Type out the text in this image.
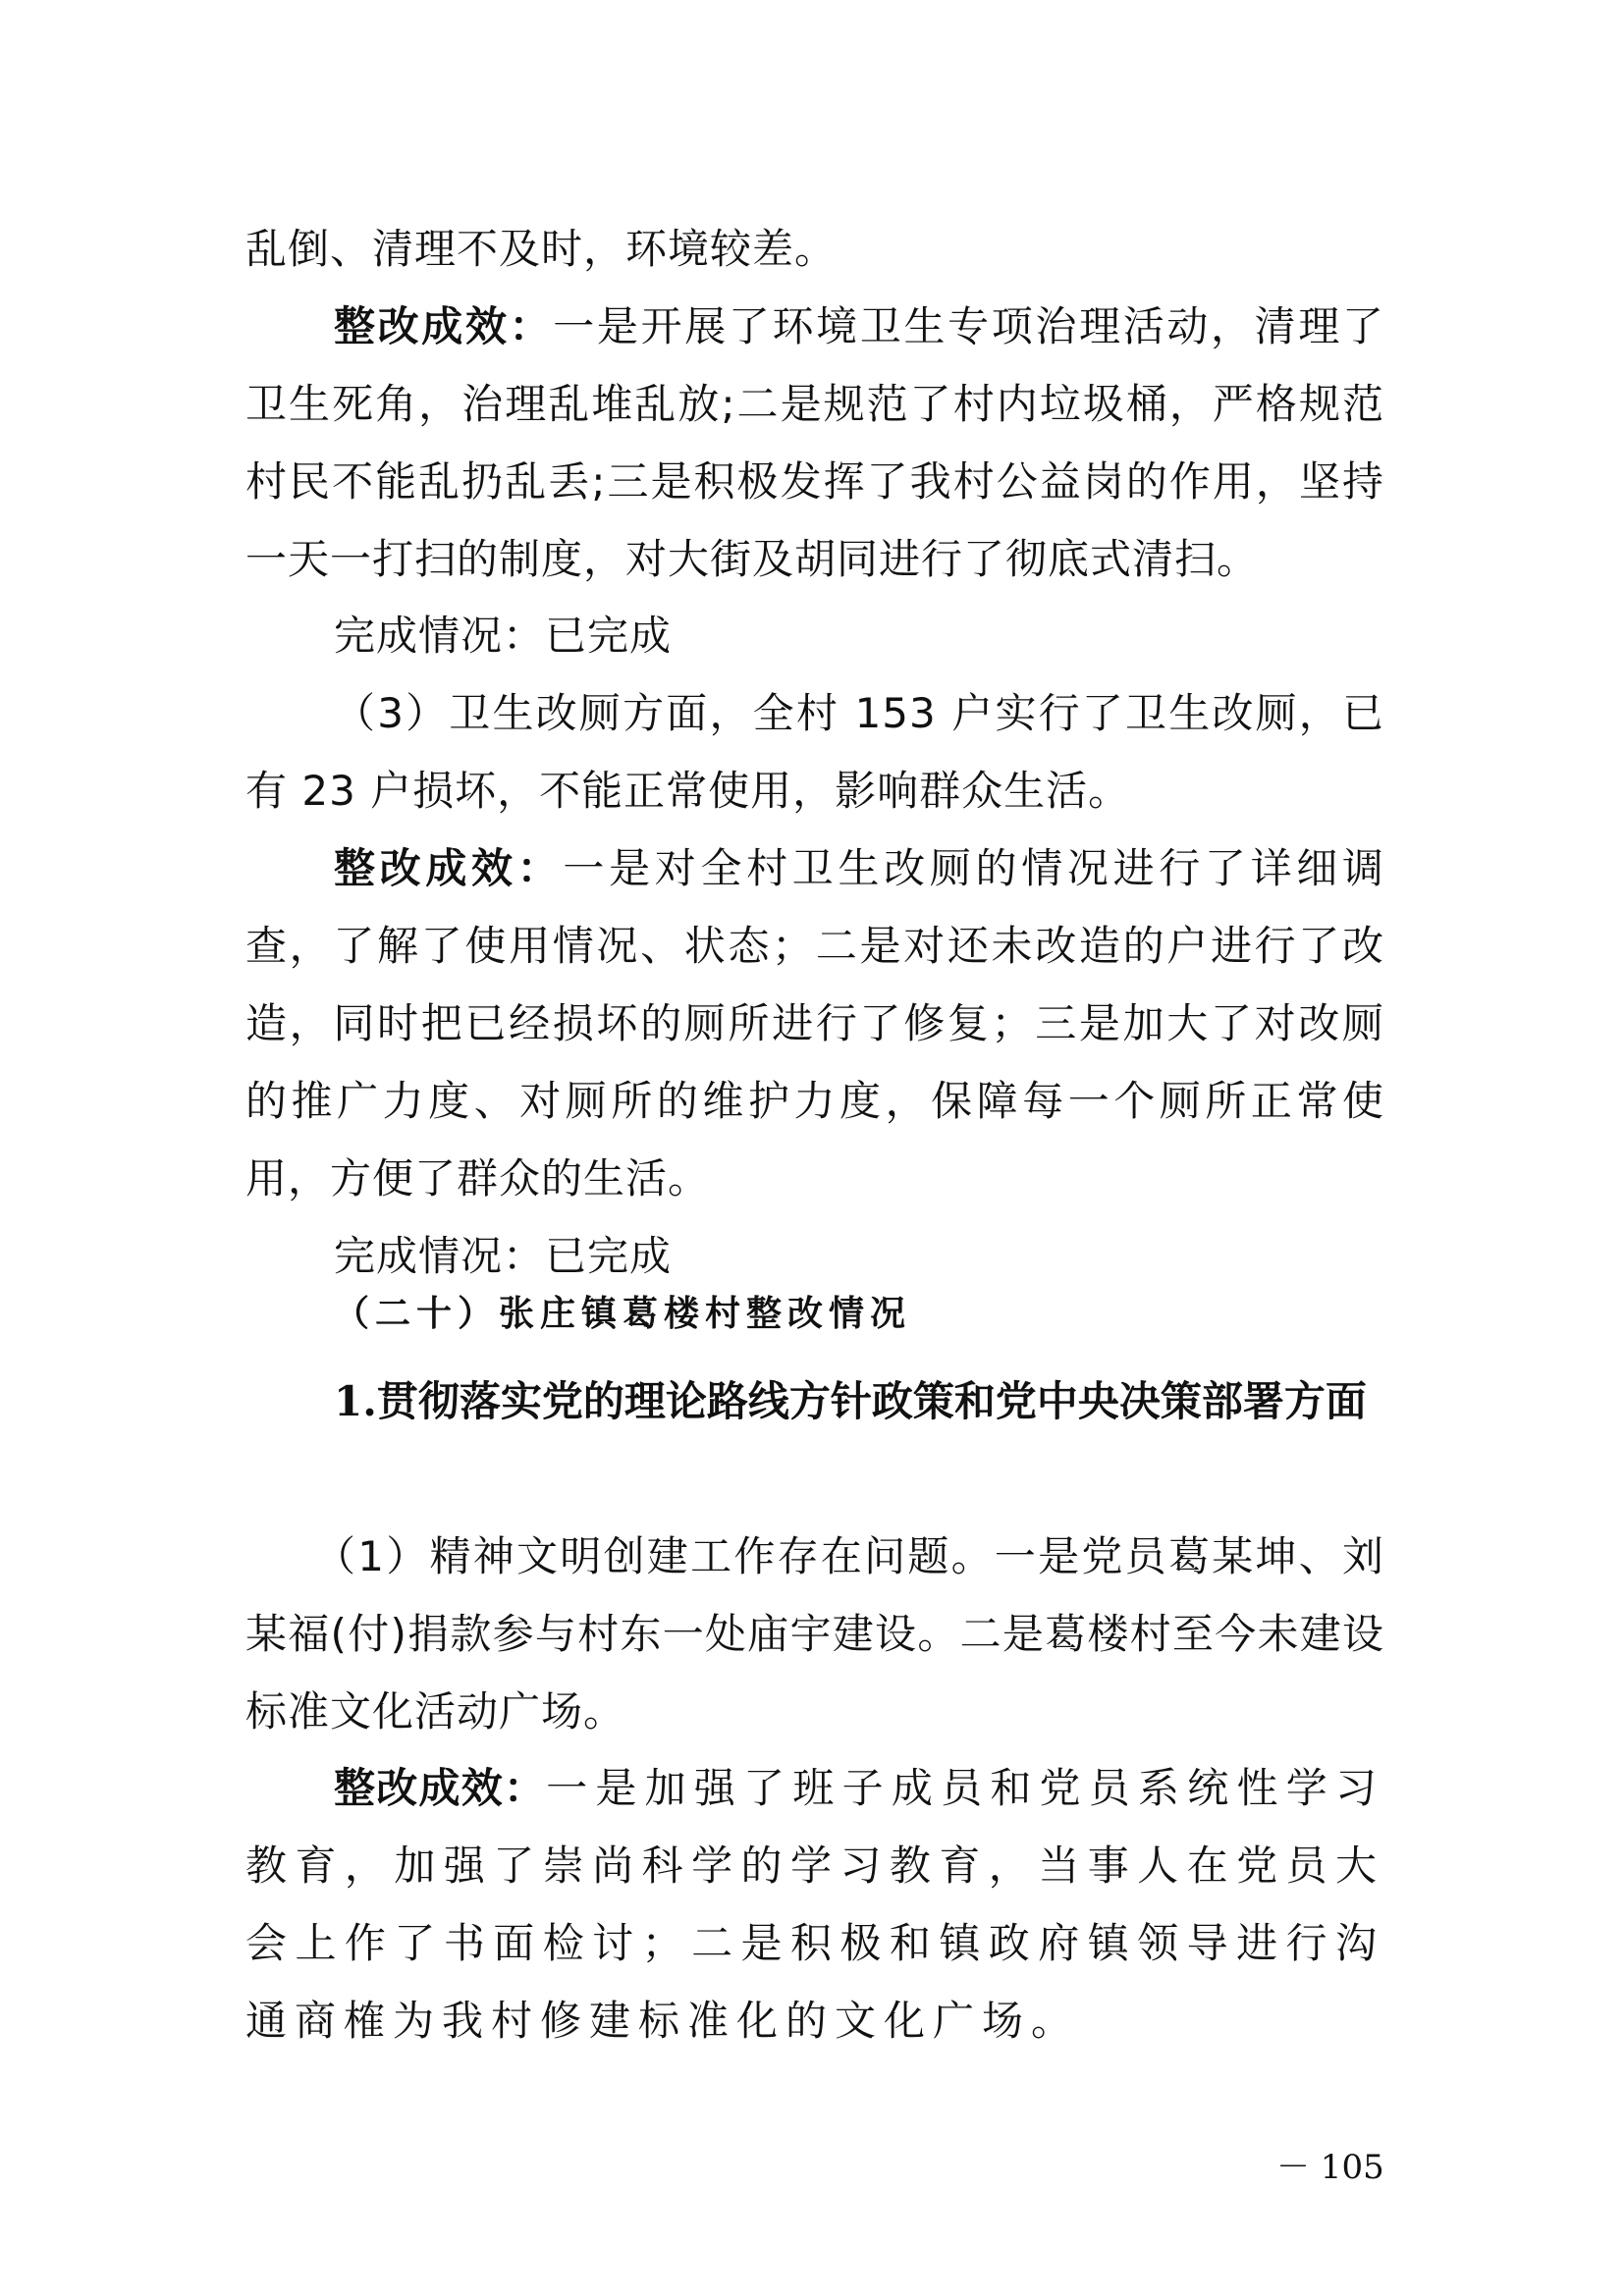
乱倒、清理不及时，环境较差。

整改成效：一是开展了环境卫生专项治理活动，清理了卫生死角，治理乱堆乱放;二是规范了村内垃圾桶，严格规范村民不能乱扔乱丢;三是积极发挥了我村公益岗的作用，坚持一天一打扫的制度，对大街及胡同进行了彻底式清扫。

完成情况：已完成

（3）卫生改厕方面，全村 153 户实行了卫生改厕，已有 23 户损坏，不能正常使用，影响群众生活。

整改成效：一是对全村卫生改厕的情况进行了详细调查，了解了使用情况、状态；二是对还未改造的户进行了改造，同时把已经损坏的厕所进行了修复；三是加大了对改厕的推广力度、对厕所的维护力度，保障每一个厕所正常使用，方便了群众的生活。

完成情况：已完成

（二十）张庄镇葛楼村整改情况

1.贯彻落实党的理论路线方针政策和党中央决策部署方面

（1）精神文明创建工作存在问题。一是党员葛某坤、刘某福(付)捐款参与村东一处庙宇建设。二是葛楼村至今未建设标准文化活动广场。

整改成效：一是加强了班子成员和党员系统性学习教育，加强了崇尚科学的学习教育，当事人在党员大会上作了书面检讨；二是积极和镇政府镇领导进行沟通商榷为我村修建标准化的文化广场。

－ 105
